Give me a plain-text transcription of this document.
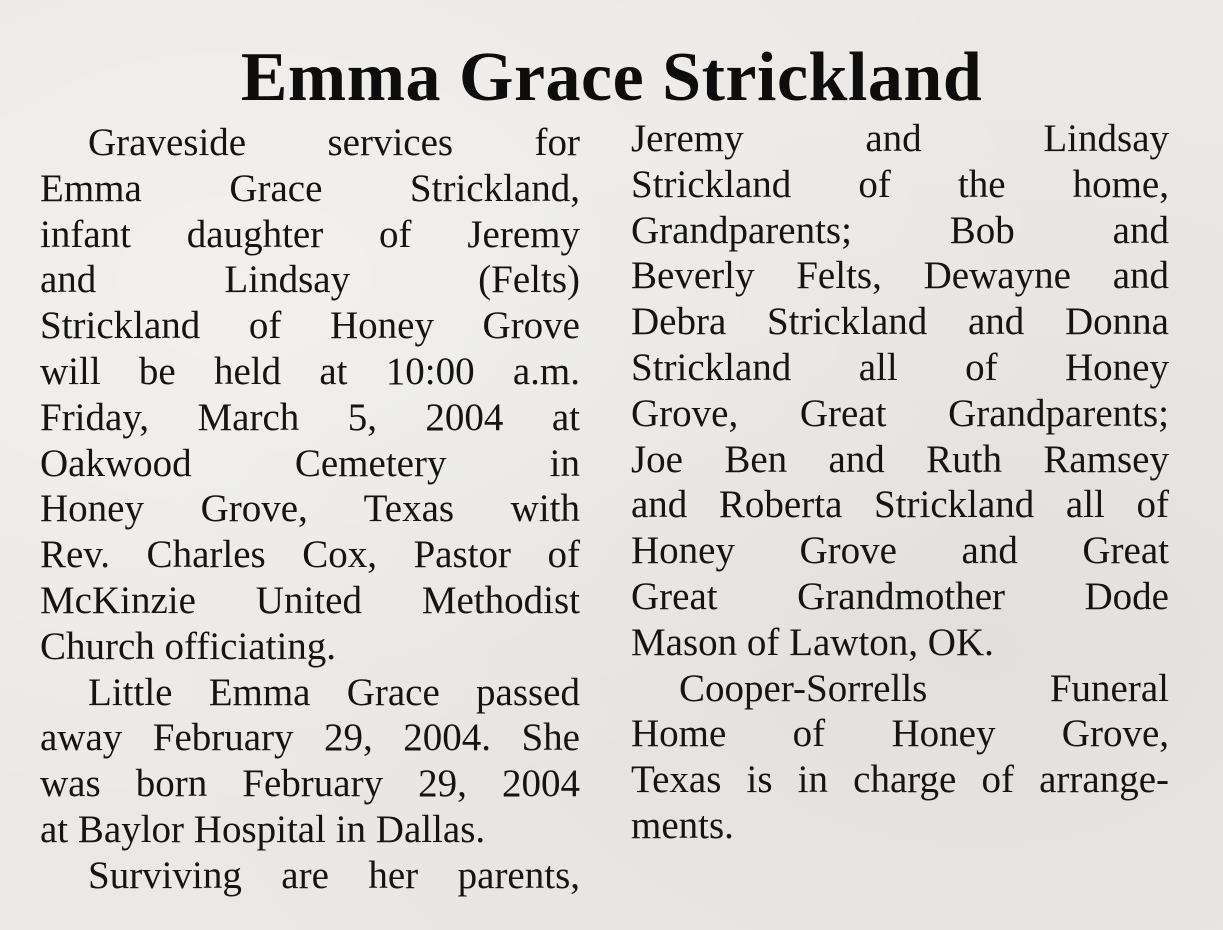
Emma Grace Strickland

Graveside services for
Emma Grace Strickland,
infant daughter of Jeremy
and Lindsay (Felts)
Strickland of Honey Grove
will be held at 10:00 a.m.
Friday, March 5, 2004 at
Oakwood Cemetery in
Honey Grove, Texas with
Rev. Charles Cox, Pastor of
McKinzie United Methodist
Church officiating.

Little Emma Grace passed
away February 29, 2004. She
was born February 29, 2004
at Baylor Hospital in Dallas.

Surviving are her parents,

Jeremy and Lindsay
Strickland of the home,
Grandparents; Bob and
Beverly Felts, Dewayne and
Debra Strickland and Donna
Strickland all of Honey
Grove, Great Grandparents;
Joe Ben and Ruth Ramsey
and Roberta Strickland all of
Honey Grove and Great
Great Grandmother Dode
Mason of Lawton, OK.

Cooper-Sorrells Funeral
Home of Honey Grove,
Texas is in charge of arrange-
ments.
